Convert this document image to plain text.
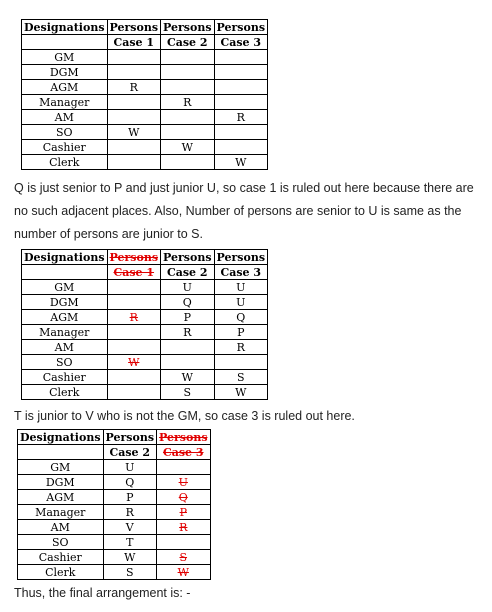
Designations	Persons	Persons	Persons
	Case 1	Case 2	Case 3
GM			
DGM			
AGM	R		
Manager		R	
AM			R
SO	W		
Cashier		W	
Clerk			W

Q is just senior to P and just junior U, so case 1 is ruled out here because there are no such adjacent places. Also, Number of persons are senior to U is same as the number of persons are junior to S.

Designations	Persons	Persons	Persons
	Case 1	Case 2	Case 3
GM		U	U
DGM		Q	U
AGM	R	P	Q
Manager		R	P
AM			R
SO	W		
Cashier		W	S
Clerk		S	W

T is junior to V who is not the GM, so case 3 is ruled out here.

Designations	Persons	Persons
	Case 2	Case 3
GM	U	
DGM	Q	U
AGM	P	Q
Manager	R	P
AM	V	R
SO	T	
Cashier	W	S
Clerk	S	W

Thus, the final arrangement is: -
